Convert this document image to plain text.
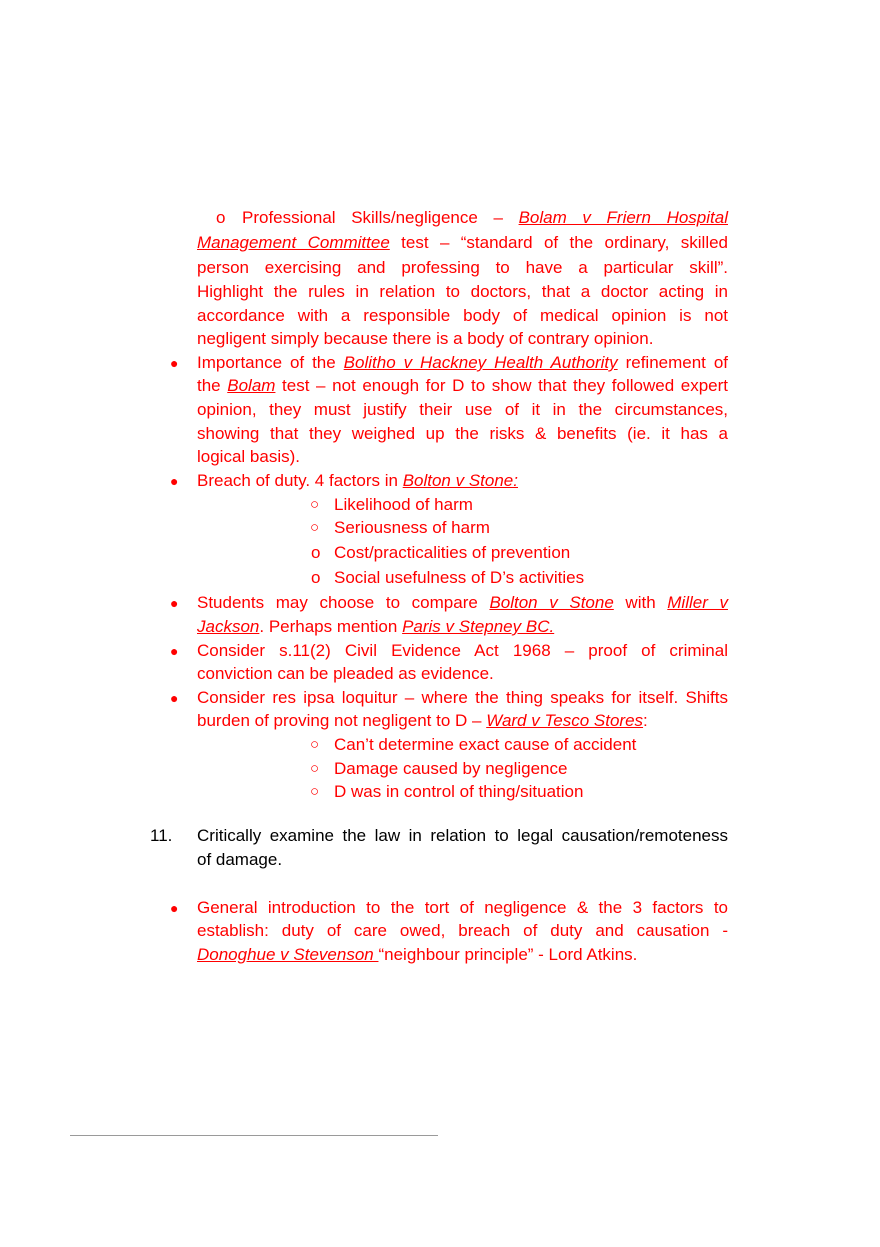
o Professional Skills/negligence – Bolam v Friern Hospital
Management Committee test – “standard of the ordinary, skilled
person exercising and professing to have a particular skill”.
Highlight the rules in relation to doctors, that a doctor acting in
accordance with a responsible body of medical opinion is not
negligent simply because there is a body of contrary opinion.
● Importance of the Bolitho v Hackney Health Authority refinement of
the Bolam test – not enough for D to show that they followed expert
opinion, they must justify their use of it in the circumstances,
showing that they weighed up the risks & benefits (ie. it has a
logical basis).
● Breach of duty. 4 factors in Bolton v Stone:
○ Likelihood of harm
○ Seriousness of harm
o Cost/practicalities of prevention
o Social usefulness of D’s activities
● Students may choose to compare Bolton v Stone with Miller v
Jackson. Perhaps mention Paris v Stepney BC.
● Consider s.11(2) Civil Evidence Act 1968 – proof of criminal
conviction can be pleaded as evidence.
● Consider res ipsa loquitur – where the thing speaks for itself. Shifts
burden of proving not negligent to D – Ward v Tesco Stores:
○ Can’t determine exact cause of accident
○ Damage caused by negligence
○ D was in control of thing/situation
11. Critically examine the law in relation to legal causation/remoteness
of damage.
● General introduction to the tort of negligence & the 3 factors to
establish: duty of care owed, breach of duty and causation -
Donoghue v Stevenson “neighbour principle” - Lord Atkins.
